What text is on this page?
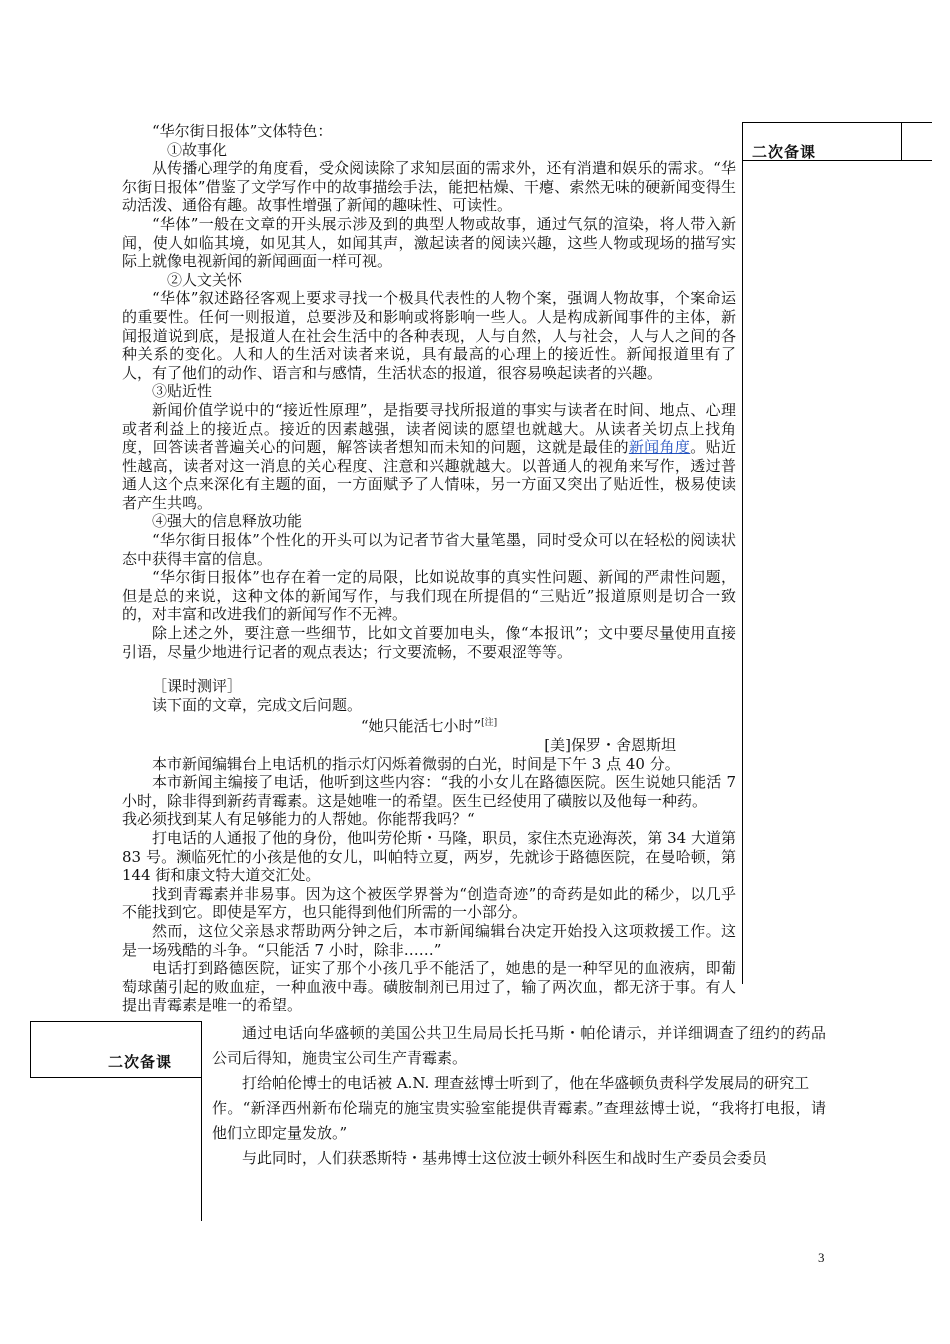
“华尔街日报体”文体特色：

①故事化

从传播心理学的角度看，受众阅读除了求知层面的需求外，还有消遣和娱乐的需求。“华尔街日报体”借鉴了文学写作中的故事描绘手法，能把枯燥、干瘪、索然无味的硬新闻变得生动活泼、通俗有趣。故事性增强了新闻的趣味性、可读性。

“华体”一般在文章的开头展示涉及到的典型人物或故事，通过气氛的渲染，将人带入新闻，使人如临其境，如见其人，如闻其声，激起读者的阅读兴趣，这些人物或现场的描写实际上就像电视新闻的新闻画面一样可视。

②人文关怀

“华体”叙述路径客观上要求寻找一个极具代表性的人物个案，强调人物故事，个案命运的重要性。任何一则报道，总要涉及和影响或将影响一些人。人是构成新闻事件的主体，新闻报道说到底，是报道人在社会生活中的各种表现，人与自然，人与社会，人与人之间的各种关系的变化。人和人的生活对读者来说，具有最高的心理上的接近性。新闻报道里有了人，有了他们的动作、语言和与感情，生活状态的报道，很容易唤起读者的兴趣。

③贴近性

新闻价值学说中的“接近性原理”，是指要寻找所报道的事实与读者在时间、地点、心理或者利益上的接近点。接近的因素越强，读者阅读的愿望也就越大。从读者关切点上找角度，回答读者普遍关心的问题，解答读者想知而未知的问题，这就是最佳的新闻角度。贴近性越高，读者对这一消息的关心程度、注意和兴趣就越大。以普通人的视角来写作，透过普通人这个点来深化有主题的面，一方面赋予了人情味，另一方面又突出了贴近性，极易使读者产生共鸣。

④强大的信息释放功能

“华尔街日报体”个性化的开头可以为记者节省大量笔墨，同时受众可以在轻松的阅读状态中获得丰富的信息。

“华尔街日报体”也存在着一定的局限，比如说故事的真实性问题、新闻的严肃性问题，但是总的来说，这种文体的新闻写作，与我们现在所提倡的“三贴近”报道原则是切合一致的，对丰富和改进我们的新闻写作不无裨。

除上述之外，要注意一些细节，比如文首要加电头，像“本报讯”；文中要尽量使用直接引语，尽量少地进行记者的观点表达；行文要流畅，不要艰涩等等。

［课时测评］

读下面的文章，完成文后问题。

“她只能活七小时”[注]

[美]保罗・舍恩斯坦

本市新闻编辑台上电话机的指示灯闪烁着微弱的白光，时间是下午 3 点 40 分。

本市新闻主编接了电话，他听到这些内容：“我的小女儿在路德医院。医生说她只能活 7 小时，除非得到新药青霉素。这是她唯一的希望。医生已经使用了磺胺以及他每一种药。

我必须找到某人有足够能力的人帮她。你能帮我吗？“

打电话的人通报了他的身份，他叫劳伦斯・马隆，职员，家住杰克逊海茨，第 34 大道第 83 号。濒临死忙的小孩是他的女儿，叫帕特立夏，两岁，先就诊于路德医院，在曼哈顿，第 144 街和康文特大道交汇处。

找到青霉素并非易事。因为这个被医学界誉为“创造奇迹”的奇药是如此的稀少，以几乎不能找到它。即使是军方，也只能得到他们所需的一小部分。

然而，这位父亲恳求帮助两分钟之后，本市新闻编辑台决定开始投入这项救援工作。这是一场残酷的斗争。“只能活 7 小时，除非……”

电话打到路德医院，证实了那个小孩几乎不能活了，她患的是一种罕见的血液病，即葡萄球菌引起的败血症，一种血液中毒。磺胺制剂已用过了，输了两次血，都无济于事。有人提出青霉素是唯一的希望。

二次备课
二次备课

通过电话向华盛顿的美国公共卫生局局长托马斯・帕伦请示，并详细调查了纽约的药品公司后得知，施贵宝公司生产青霉素。

打给帕伦博士的电话被 A.N. 理查兹博士听到了，他在华盛顿负责科学发展局的研究工

作。“新泽西州新布伦瑞克的施宝贵实验室能提供青霉素。”查理兹博士说，“我将打电报，请他们立即定量发放。”

与此同时，人们获悉斯特・基弗博士这位波士顿外科医生和战时生产委员会委员

3
